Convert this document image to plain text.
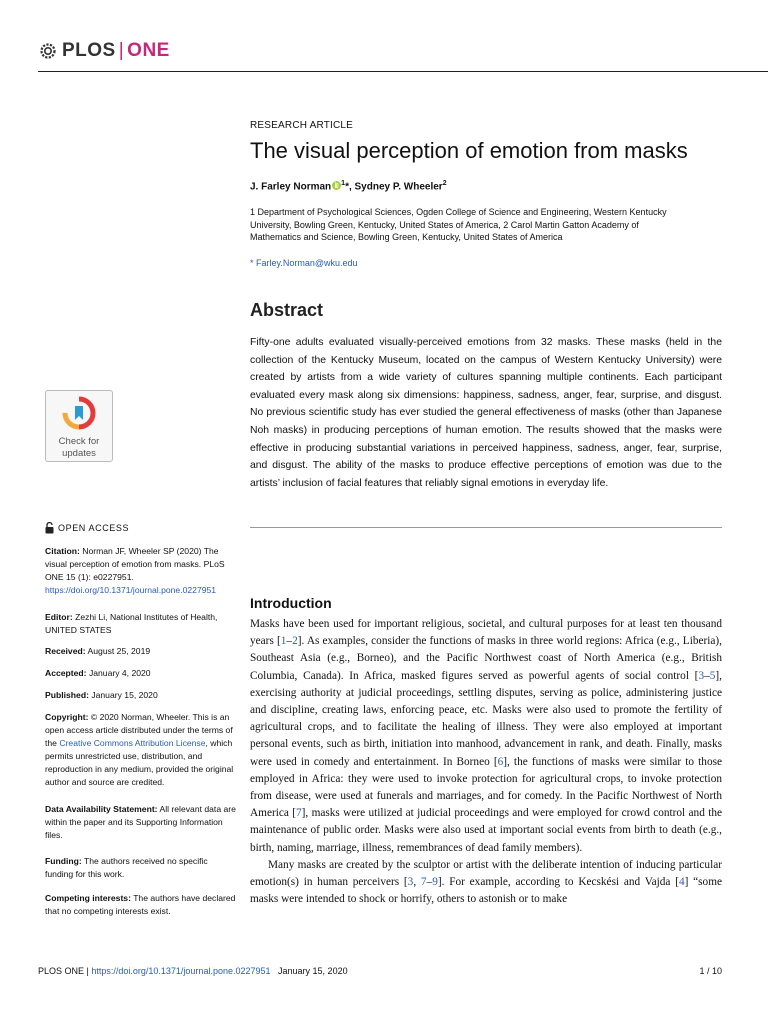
PLOS | ONE
RESEARCH ARTICLE
The visual perception of emotion from masks
J. Farley Norman $^1$*, Sydney P. Wheeler$^2$
1 Department of Psychological Sciences, Ogden College of Science and Engineering, Western Kentucky University, Bowling Green, Kentucky, United States of America, 2 Carol Martin Gatton Academy of Mathematics and Science, Bowling Green, Kentucky, United States of America
* Farley.Norman@wku.edu
Abstract

Fifty-one adults evaluated visually-perceived emotions from 32 masks. These masks (held in the collection of the Kentucky Museum, located on the campus of Western Kentucky University) were created by artists from a wide variety of cultures spanning multiple continents. Each participant evaluated every mask along six dimensions: happiness, sadness, anger, fear, surprise, and disgust. No previous scientific study has ever studied the general effectiveness of masks (other than Japanese Noh masks) in producing perceptions of human emotion. The results showed that the masks were effective in producing substantial variations in perceived happiness, sadness, anger, fear, surprise, and disgust. The ability of the masks to produce effective perceptions of emotion was due to the artists’ inclusion of facial features that reliably signal emotions in everyday life.

Check for
updates
OPEN ACCESS
Citation: Norman JF, Wheeler SP (2020) The visual perception of emotion from masks. PLoS ONE 15 (1): e0227951. https://doi.org/10.1371/journal.pone.0227951
Editor: Zezhi Li, National Institutes of Health, UNITED STATES
Received: August 25, 2019
Accepted: January 4, 2020
Published: January 15, 2020
Copyright: © 2020 Norman, Wheeler. This is an open access article distributed under the terms of the Creative Commons Attribution License, which permits unrestricted use, distribution, and reproduction in any medium, provided the original author and source are credited.
Data Availability Statement: All relevant data are within the paper and its Supporting Information files.
Funding: The authors received no specific funding for this work.
Competing interests: The authors have declared that no competing interests exist.
Introduction

Masks have been used for important religious, societal, and cultural purposes for at least ten thousand years [1–2]. As examples, consider the functions of masks in three world regions: Africa (e.g., Liberia), Southeast Asia (e.g., Borneo), and the Pacific Northwest coast of North America (e.g., British Columbia, Canada). In Africa, masked figures served as powerful agents of social control [3–5], exercising authority at judicial proceedings, settling disputes, serving as police, administering justice and discipline, creating laws, enforcing peace, etc. Masks were also used to promote the fertility of agricultural crops, and to facilitate the healing of illness. They were also employed at important personal events, such as birth, initiation into manhood, advancement in rank, and death. Finally, masks were used in comedy and entertainment. In Borneo [6], the functions of masks were similar to those employed in Africa: they were used to invoke protection for agricultural crops, to invoke protection from disease, were used at funerals and marriages, and for comedy. In the Pacific Northwest of North America [7], masks were utilized at judicial proceedings and were employed for crowd control and the maintenance of public order. Masks were also used at important social events from birth to death (e.g., birth, naming, marriage, illness, remembrances of dead family members).

Many masks are created by the sculptor or artist with the deliberate intention of inducing particular emotion(s) in human perceivers [3, 7–9]. For example, according to Kecskési and Vajda [4] “some masks were intended to shock or horrify, others to astonish or to make

PLOS ONE | https://doi.org/10.1371/journal.pone.0227951 January 15, 2020	1 / 10
